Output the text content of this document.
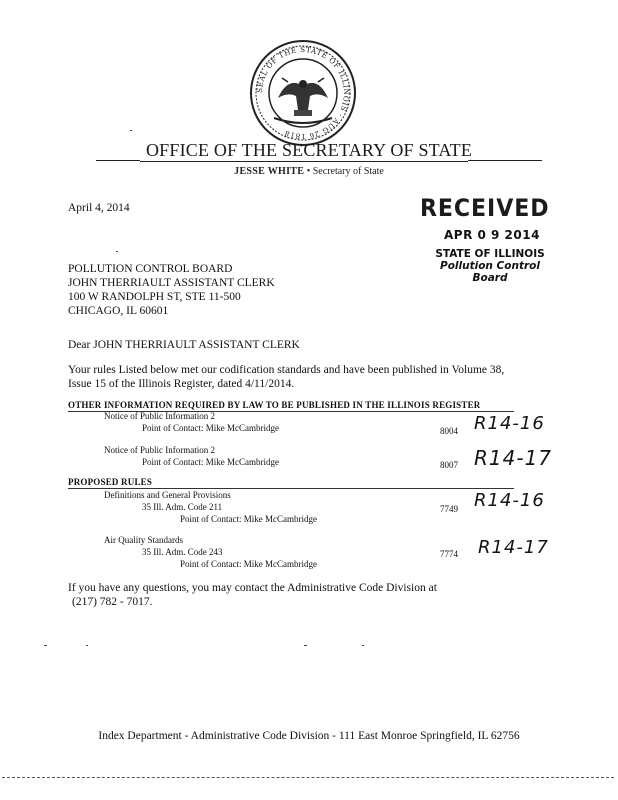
SEAL OF THE STATE OF ILLINOIS · AUG 26 1818
OFFICE OF THE SECRETARY OF STATE
JESSE WHITE • Secretary of State
RECEIVED
APR 0 9 2014
STATE OF ILLINOIS
Pollution Control Board
April 4, 2014
POLLUTION CONTROL BOARD
JOHN THERRIAULT ASSISTANT CLERK
100 W RANDOLPH ST, STE 11-500
CHICAGO, IL 60601
Dear JOHN THERRIAULT ASSISTANT CLERK
Your rules Listed below met our codification standards and have been published in Volume 38,
Issue 15 of the Illinois Register, dated 4/11/2014.
OTHER INFORMATION REQUIRED BY LAW TO BE PUBLISHED IN THE ILLINOIS REGISTER
Notice of Public Information 2
Point of Contact: Mike McCambridge	8004 R14-16
Notice of Public Information 2
Point of Contact: Mike McCambridge	8007 R14-17
PROPOSED RULES
Definitions and General Provisions
35 Ill. Adm. Code 211
Point of Contact: Mike McCambridge
7749 R14-16
Air Quality Standards
35 Ill. Adm. Code 243
Point of Contact: Mike McCambridge
7774 R14-17
If you have any questions, you may contact the Administrative Code Division at
(217) 782 - 7017.
Index Department - Administrative Code Division - 111 East Monroe Springfield, IL 62756
